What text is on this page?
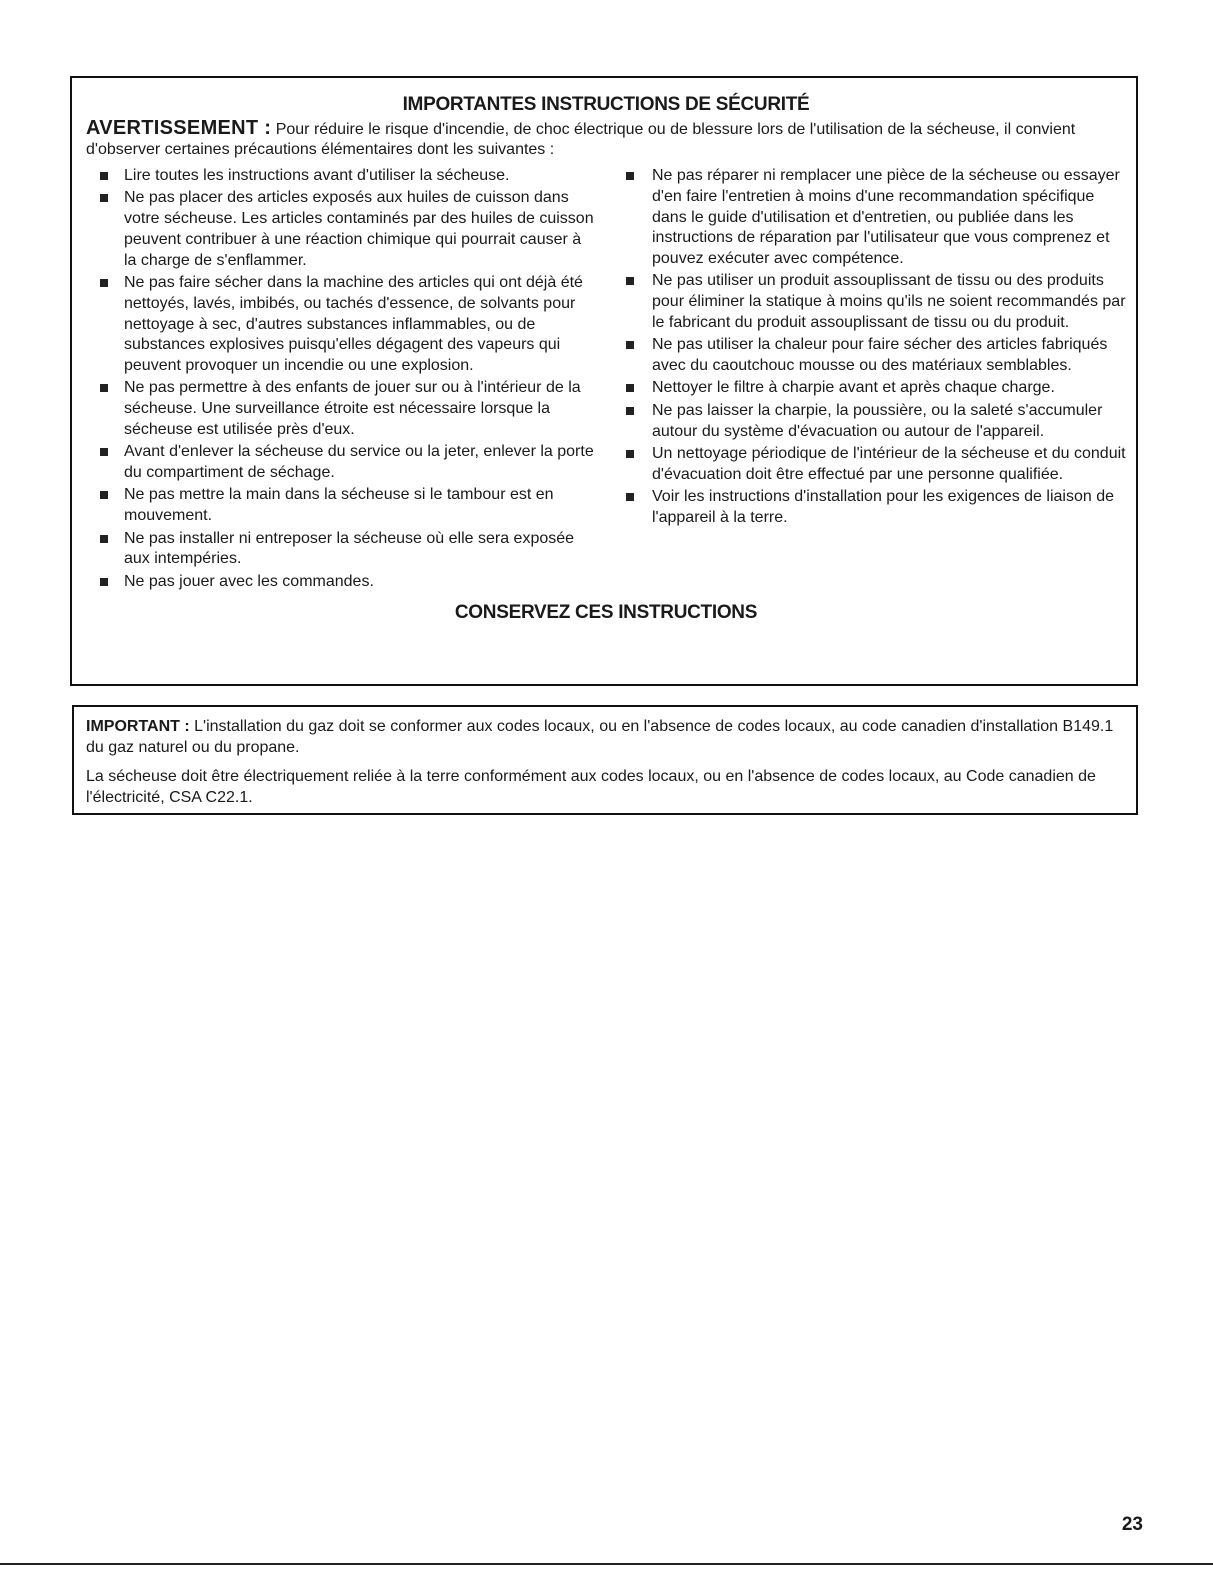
IMPORTANTES INSTRUCTIONS DE SÉCURITÉ

AVERTISSEMENT : Pour réduire le risque d'incendie, de choc électrique ou de blessure lors de l'utilisation de la sécheuse, il convient d'observer certaines précautions élémentaires dont les suivantes :

Lire toutes les instructions avant d'utiliser la sécheuse.
Ne pas placer des articles exposés aux huiles de cuisson dans votre sécheuse. Les articles contaminés par des huiles de cuisson peuvent contribuer à une réaction chimique qui pourrait causer à la charge de s'enflammer.
Ne pas faire sécher dans la machine des articles qui ont déjà été nettoyés, lavés, imbibés, ou tachés d'essence, de solvants pour nettoyage à sec, d'autres substances inflammables, ou de substances explosives puisqu'elles dégagent des vapeurs qui peuvent provoquer un incendie ou une explosion.
Ne pas permettre à des enfants de jouer sur ou à l'intérieur de la sécheuse. Une surveillance étroite est nécessaire lorsque la sécheuse est utilisée près d'eux.
Avant d'enlever la sécheuse du service ou la jeter, enlever la porte du compartiment de séchage.
Ne pas mettre la main dans la sécheuse si le tambour est en mouvement.
Ne pas installer ni entreposer la sécheuse où elle sera exposée aux intempéries.
Ne pas jouer avec les commandes.
Ne pas réparer ni remplacer une pièce de la sécheuse ou essayer d'en faire l'entretien à moins d'une recommandation spécifique dans le guide d'utilisation et d'entretien, ou publiée dans les instructions de réparation par l'utilisateur que vous comprenez et pouvez exécuter avec compétence.
Ne pas utiliser un produit assouplissant de tissu ou des produits pour éliminer la statique à moins qu'ils ne soient recommandés par le fabricant du produit assouplissant de tissu ou du produit.
Ne pas utiliser la chaleur pour faire sécher des articles fabriqués avec du caoutchouc mousse ou des matériaux semblables.
Nettoyer le filtre à charpie avant et après chaque charge.
Ne pas laisser la charpie, la poussière, ou la saleté s'accumuler autour du système d'évacuation ou autour de l'appareil.
Un nettoyage périodique de l'intérieur de la sécheuse et du conduit d'évacuation doit être effectué par une personne qualifiée.
Voir les instructions d'installation pour les exigences de liaison de l'appareil à la terre.
CONSERVEZ CES INSTRUCTIONS

IMPORTANT : L'installation du gaz doit se conformer aux codes locaux, ou en l'absence de codes locaux, au code canadien d'installation B149.1 du gaz naturel ou du propane.

La sécheuse doit être électriquement reliée à la terre conformément aux codes locaux, ou en l'absence de codes locaux, au Code canadien de l'électricité, CSA C22.1.

23
